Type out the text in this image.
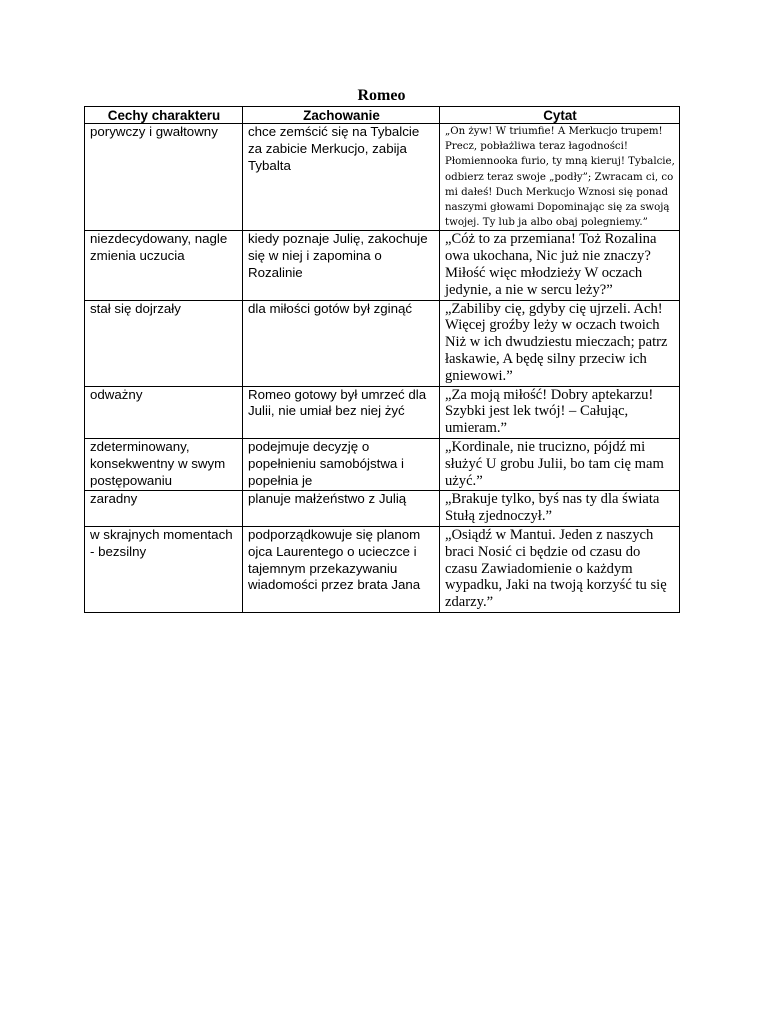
Romeo
Cechy charakteru	Zachowanie	Cytat
porywczy i gwałtowny	chce zemścić się na Tybalcie za zabicie Merkucjo, zabija Tybalta	„On żyw! W triumfie! A Merkucjo trupem! Precz, pobłażliwa teraz łagodności! Płomiennooka furio, ty mną kieruj! Tybalcie, odbierz teraz swoje „podły”; Zwracam ci, co mi dałeś! Duch Merkucjo Wznosi się ponad naszymi głowami Dopominając się za swoją twojej. Ty lub ja albo obaj polegniemy.”
niezdecydowany, nagle zmienia uczucia	kiedy poznaje Julię, zakochuje się w niej i zapomina o Rozalinie	„Cóż to za przemiana! Toż Rozalina owa ukochana, Nic już nie znaczy? Miłość więc młodzieży W oczach jedynie, a nie w sercu leży?”
stał się dojrzały	dla miłości gotów był zginąć	„Zabiliby cię, gdyby cię ujrzeli. Ach! Więcej groźby leży w oczach twoich Niż w ich dwudziestu mieczach; patrz łaskawie, A będę silny przeciw ich gniewowi.”
odważny	Romeo gotowy był umrzeć dla Julii, nie umiał bez niej żyć	„Za moją miłość! Dobry aptekarzu! Szybki jest lek twój! – Całując, umieram.”
zdeterminowany, konsekwentny w swym postępowaniu	podejmuje decyzję o popełnieniu samobójstwa i popełnia je	„Kordinale, nie trucizno, pójdź mi służyć U grobu Julii, bo tam cię mam użyć.”
zaradny	planuje małżeństwo z Julią	„Brakuje tylko, byś nas ty dla świata Stułą zjednoczył.”
w skrajnych momentach - bezsilny	podporządkowuje się planom ojca Laurentego o ucieczce i tajemnym przekazywaniu wiadomości przez brata Jana	„Osiądź w Mantui. Jeden z naszych braci Nosić ci będzie od czasu do czasu Zawiadomienie o każdym wypadku, Jaki na twoją korzyść tu się zdarzy.”
